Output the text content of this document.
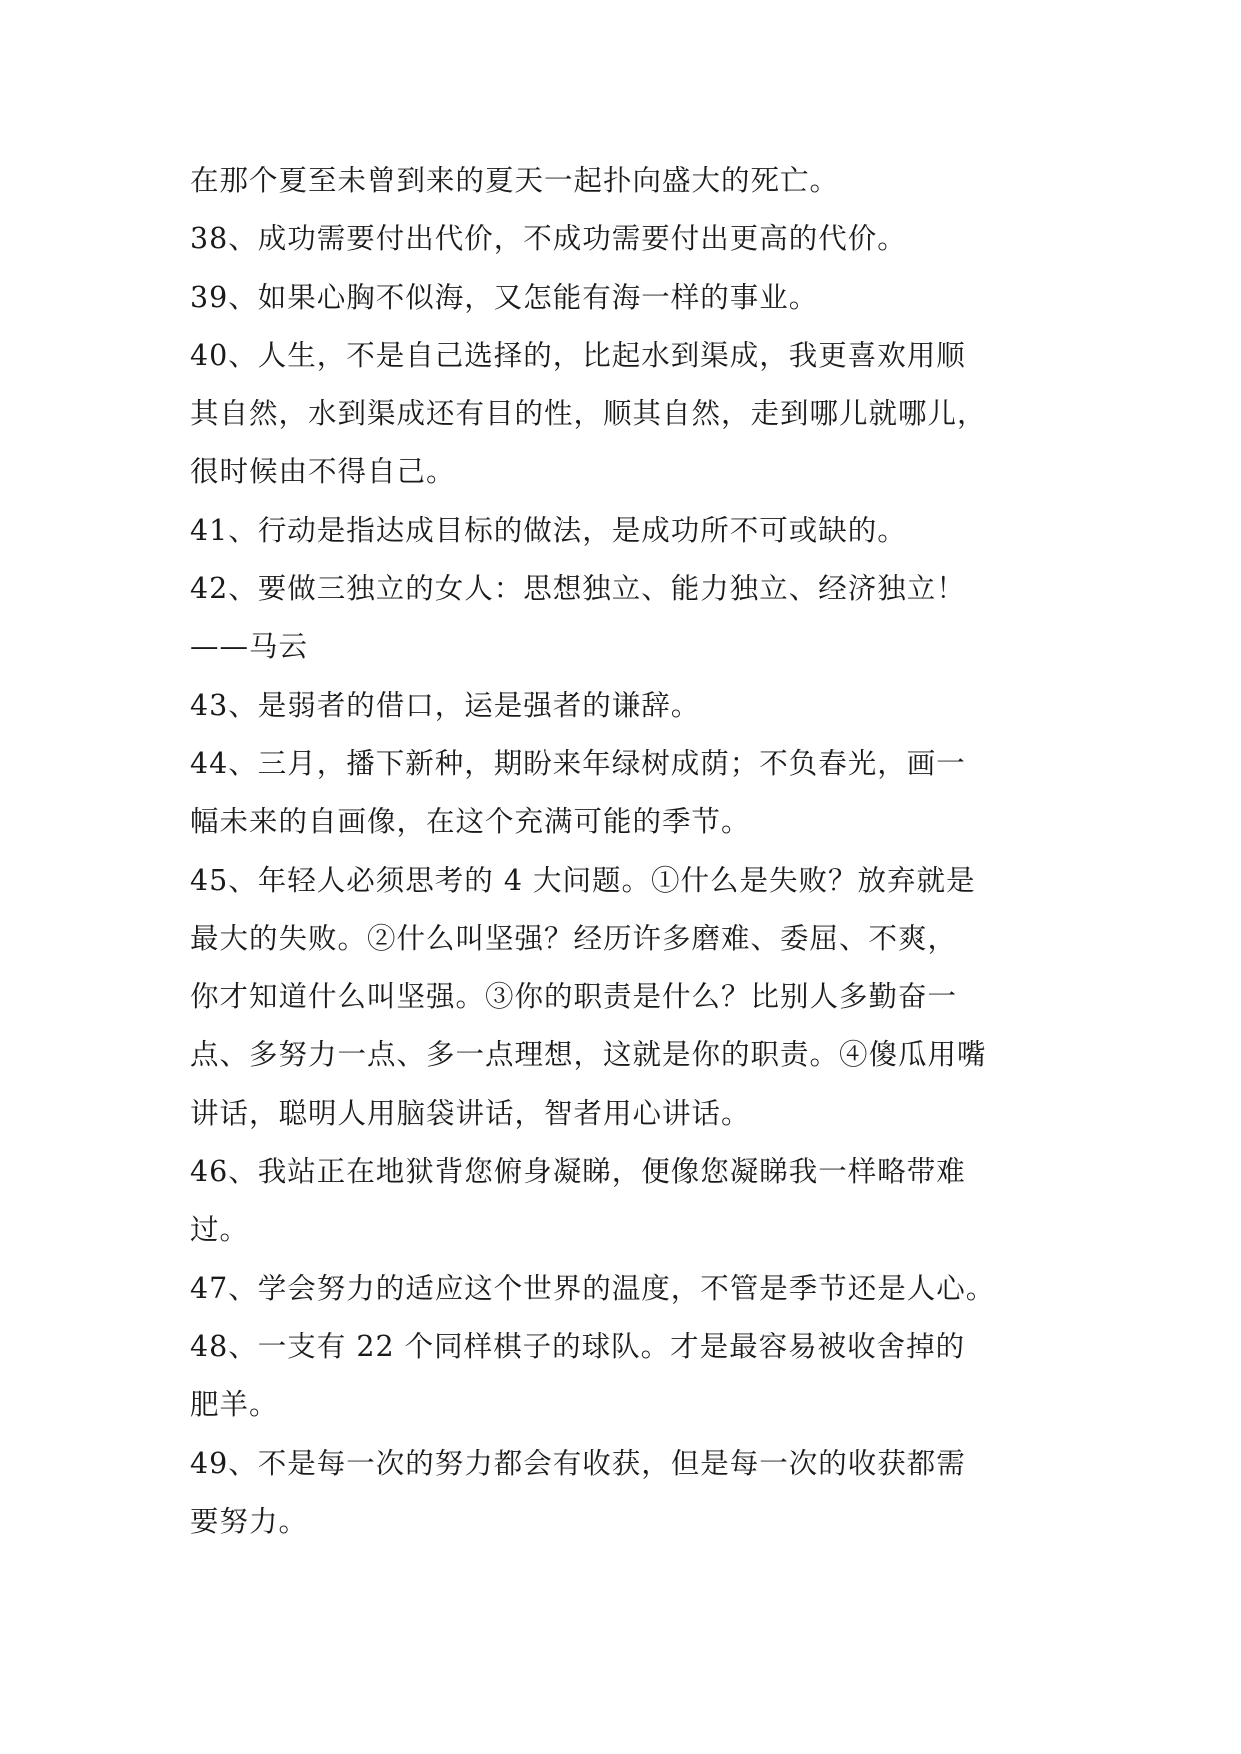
在那个夏至未曾到来的夏天一起扑向盛大的死亡。
38、成功需要付出代价，不成功需要付出更高的代价。
39、如果心胸不似海，又怎能有海一样的事业。
40、人生，不是自己选择的，比起水到渠成，我更喜欢用顺
其自然，水到渠成还有目的性，顺其自然，走到哪儿就哪儿，
很时候由不得自己。
41、行动是指达成目标的做法，是成功所不可或缺的。
42、要做三独立的女人：思想独立、能力独立、经济独立！
——马云
43、是弱者的借口，运是强者的谦辞。
44、三月，播下新种，期盼来年绿树成荫；不负春光，画一
幅未来的自画像，在这个充满可能的季节。
45、年轻人必须思考的 4 大问题。①什么是失败？放弃就是
最大的失败。②什么叫坚强？经历许多磨难、委屈、不爽，
你才知道什么叫坚强。③你的职责是什么？比别人多勤奋一
点、多努力一点、多一点理想，这就是你的职责。④傻瓜用嘴
讲话，聪明人用脑袋讲话，智者用心讲话。
46、我站正在地狱背您俯身凝睇，便像您凝睇我一样略带难
过。
47、学会努力的适应这个世界的温度，不管是季节还是人心。
48、一支有 22 个同样棋子的球队。才是最容易被收舍掉的
肥羊。
49、不是每一次的努力都会有收获，但是每一次的收获都需
要努力。
